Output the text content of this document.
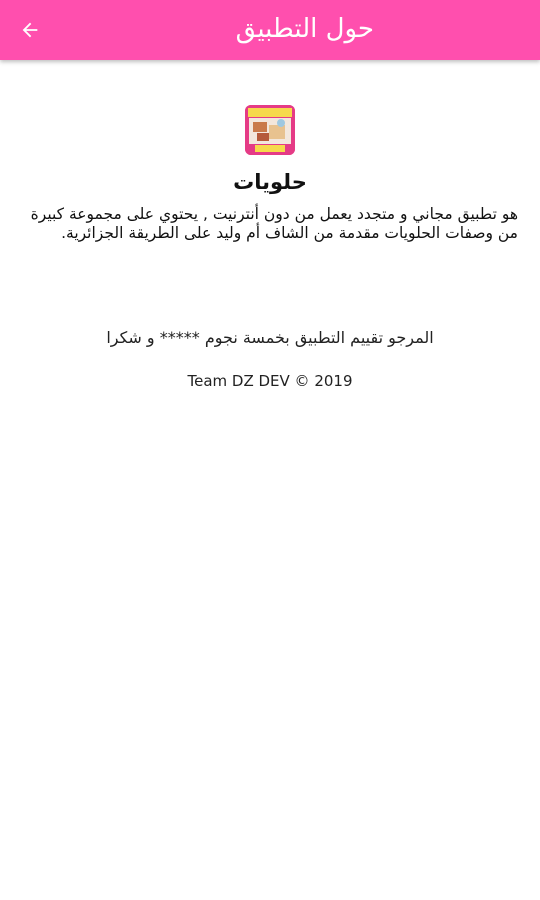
حول التطبيق
حلويات
هو تطبيق مجاني و متجدد يعمل من دون أنترنيت , يحتوي على مجموعة كبيرة من وصفات الحلويات مقدمة من الشاف أم وليد على الطريقة الجزائرية.
المرجو تقييم التطبيق بخمسة نجوم ***** و شكرا
Team DZ DEV © 2019
